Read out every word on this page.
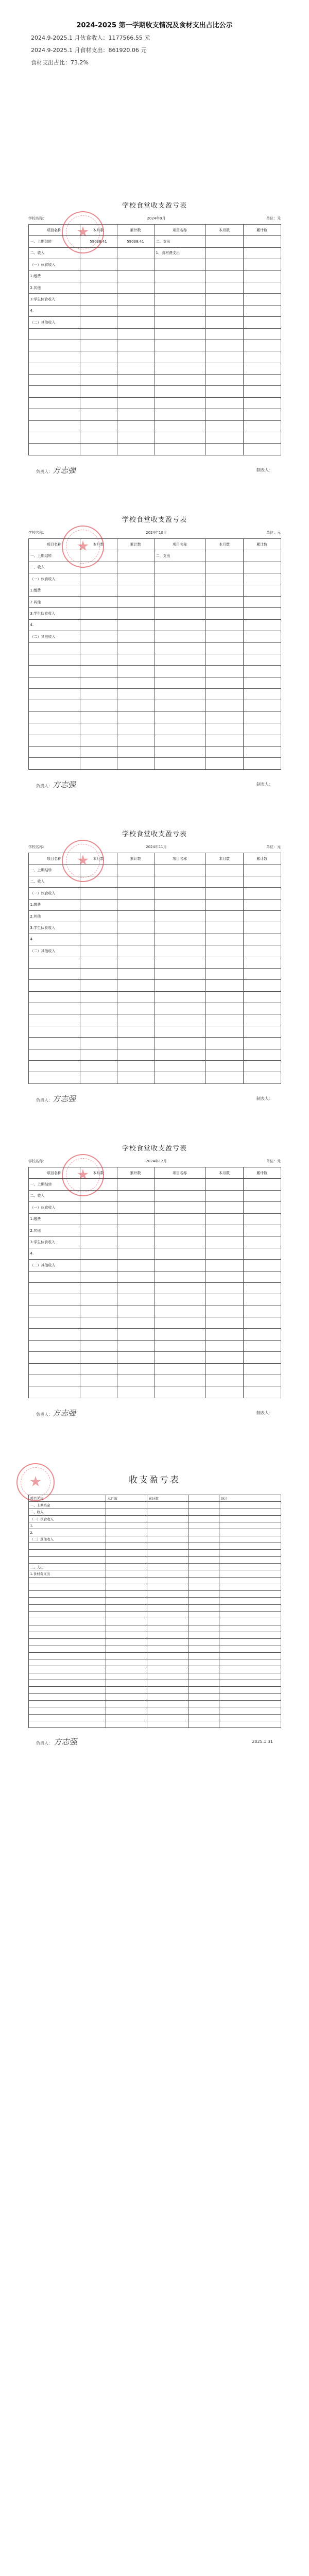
2024-2025 第一学期收支情况及食材支出占比公示
2024.9-2025.1 月伙食收入：1177566.55 元
2024.9-2025.1 月食材支出：861920.06 元
食材支出占比：73.2%
学校食堂收支盈亏表
学校名称：	2024年9月	单位：元
项目名称	本月数	累计数	项目名称	本月数	累计数
一、上期结转	59038.41	59038.41	二、支出		
二、收入			1、食材费支出		
（一）伙食收入					
1.缴费					
2.其他					
3.学生伙食收入					
4.					
（二）其他收入					

负责人：方志强	制表人：
学校食堂收支盈亏表
学校名称：	2024年10月	单位：元
项目名称	本月数	累计数	项目名称	本月数	累计数
一、上期结转			二、支出		
二、收入					
（一）伙食收入					
1.缴费					
2.其他					
3.学生伙食收入					
4.					
（二）其他收入					

负责人：方志强	制表人：
学校食堂收支盈亏表
学校名称：	2024年11月	单位：元
项目名称	本月数	累计数	项目名称	本月数	累计数
一、上期结转					
二、收入					
（一）伙食收入					
1.缴费					
2.其他					
3.学生伙食收入					
4.					
（二）其他收入					

负责人：方志强	制表人：
学校食堂收支盈亏表
学校名称：	2024年12月	单位：元
项目名称	本月数	累计数	项目名称	本月数	累计数
一、上期结转					
二、收入					
（一）伙食收入					
1.缴费					
2.其他					
3.学生伙食收入					
4.					
（二）其他收入					

负责人：方志强	制表人：
收支盈亏表
项目名称	本月数	累计数		备注
一、上期结余				
二、收入				
（一）伙食收入				
1.				
2.				
（二）其他收入				

三、支出				
1.食材费支出				

负责人： 方志强	2025.1.31
